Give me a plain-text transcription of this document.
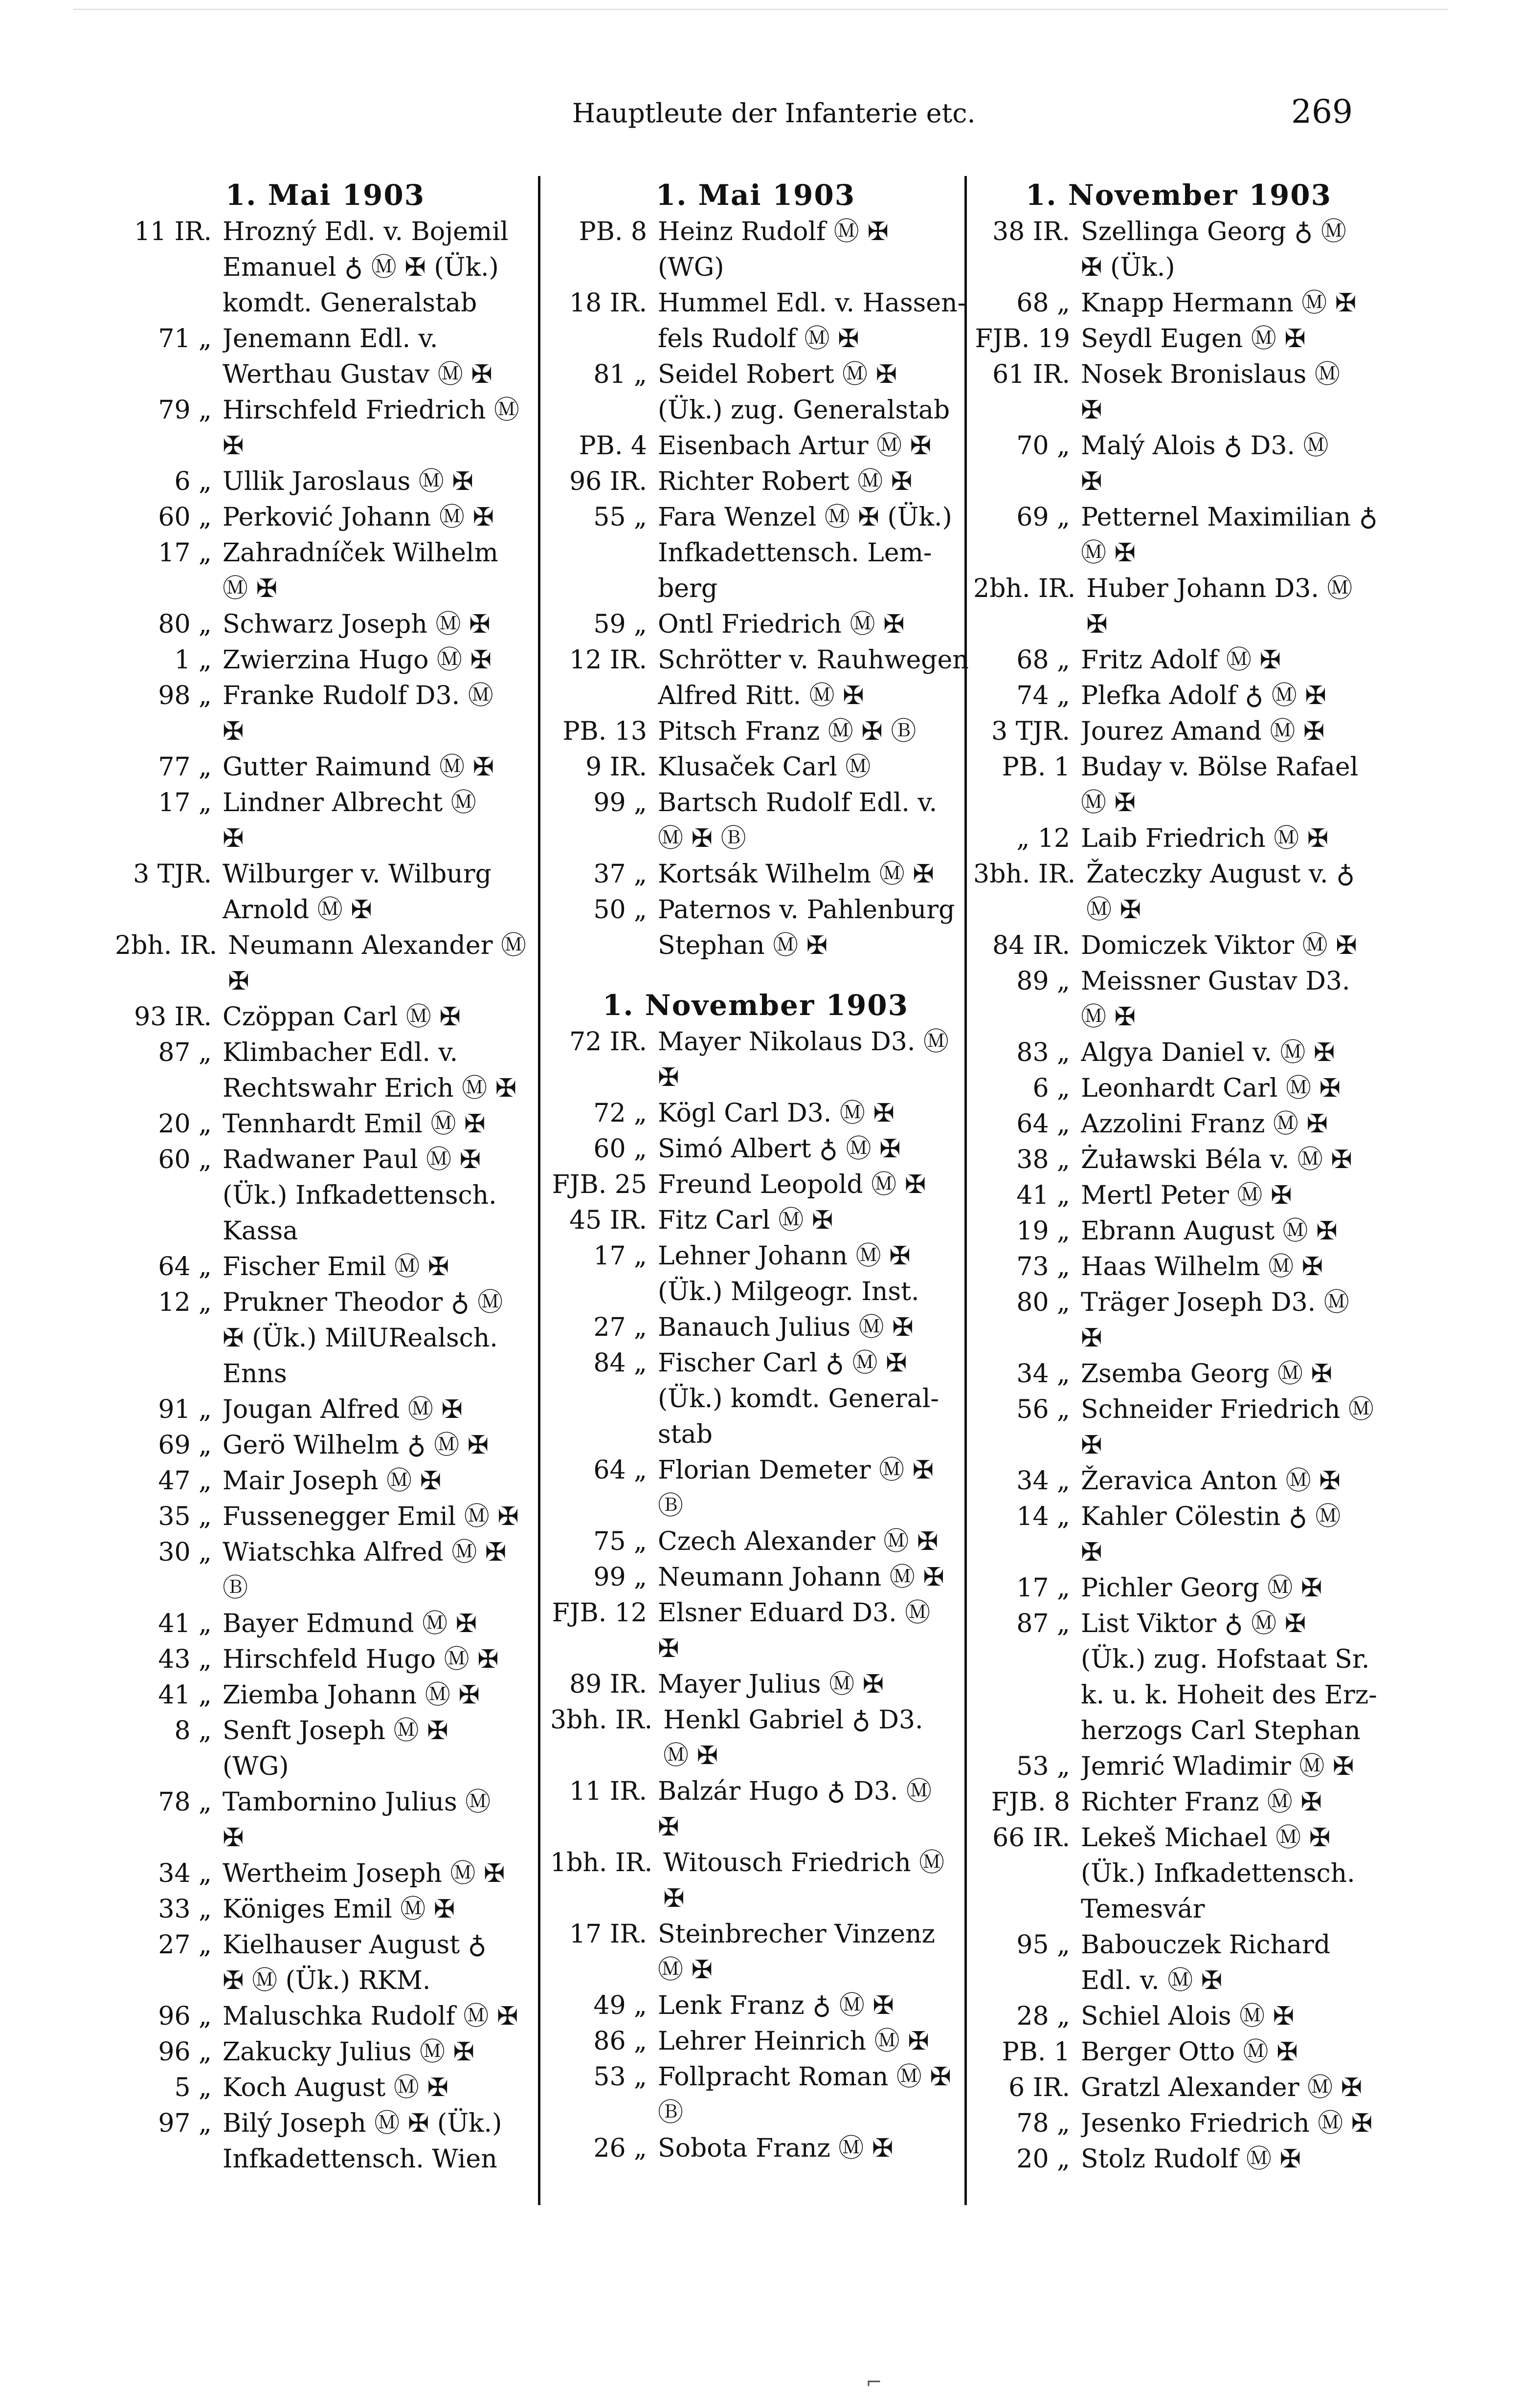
Hauptleute der Infanterie etc.	269
1. Mai 1903
11 IR. Hrozný Edl. v. Bojemil
Emanuel ♁ Ⓜ ✠ (Ük.)
komdt. Generalstab
71 „ Jenemann Edl. v.
Werthau Gustav Ⓜ ✠
79 „ Hirschfeld Friedrich Ⓜ
✠
6 „ Ullik Jaroslaus Ⓜ ✠
60 „ Perković Johann Ⓜ ✠
17 „ Zahradníček Wilhelm
Ⓜ ✠
80 „ Schwarz Joseph Ⓜ ✠
1 „ Zwierzina Hugo Ⓜ ✠
98 „ Franke Rudolf D3. Ⓜ
✠
77 „ Gutter Raimund Ⓜ ✠
17 „ Lindner Albrecht Ⓜ
✠
3 TJR. Wilburger v. Wilburg
Arnold Ⓜ ✠
2bh. IR. Neumann Alexander Ⓜ
✠
93 IR. Czöppan Carl Ⓜ ✠
87 „ Klimbacher Edl. v.
Rechtswahr Erich Ⓜ ✠
20 „ Tennhardt Emil Ⓜ ✠
60 „ Radwaner Paul Ⓜ ✠
(Ük.) Infkadettensch.
Kassa
64 „ Fischer Emil Ⓜ ✠
12 „ Prukner Theodor ♁ Ⓜ
✠ (Ük.) MilURealsch.
Enns
91 „ Jougan Alfred Ⓜ ✠
69 „ Gerö Wilhelm ♁ Ⓜ ✠
47 „ Mair Joseph Ⓜ ✠
35 „ Fussenegger Emil Ⓜ ✠
30 „ Wiatschka Alfred Ⓜ ✠
Ⓑ
41 „ Bayer Edmund Ⓜ ✠
43 „ Hirschfeld Hugo Ⓜ ✠
41 „ Ziemba Johann Ⓜ ✠
8 „ Senft Joseph Ⓜ ✠
(WG)
78 „ Tambornino Julius Ⓜ
✠
34 „ Wertheim Joseph Ⓜ ✠
33 „ Königes Emil Ⓜ ✠
27 „ Kielhauser August ♁
✠ Ⓜ (Ük.) RKM.
96 „ Maluschka Rudolf Ⓜ ✠
96 „ Zakucky Julius Ⓜ ✠
5 „ Koch August Ⓜ ✠
97 „ Bilý Joseph Ⓜ ✠ (Ük.)
Infkadettensch. Wien
1. Mai 1903
PB. 8 Heinz Rudolf Ⓜ ✠
(WG)
18 IR. Hummel Edl. v. Hassen-
fels Rudolf Ⓜ ✠
81 „ Seidel Robert Ⓜ ✠
(Ük.) zug. Generalstab
PB. 4 Eisenbach Artur Ⓜ ✠
96 IR. Richter Robert Ⓜ ✠
55 „ Fara Wenzel Ⓜ ✠ (Ük.)
Infkadettensch. Lem-
berg
59 „ Ontl Friedrich Ⓜ ✠
12 IR. Schrötter v. Rauhwegen
Alfred Ritt. Ⓜ ✠
PB. 13 Pitsch Franz Ⓜ ✠ Ⓑ
9 IR. Klusaček Carl Ⓜ
99 „ Bartsch Rudolf Edl. v.
Ⓜ ✠ Ⓑ
37 „ Kortsák Wilhelm Ⓜ ✠
50 „ Paternos v. Pahlenburg
Stephan Ⓜ ✠
1. November 1903
72 IR. Mayer Nikolaus D3. Ⓜ
✠
72 „ Kögl Carl D3. Ⓜ ✠
60 „ Simó Albert ♁ Ⓜ ✠
FJB. 25 Freund Leopold Ⓜ ✠
45 IR. Fitz Carl Ⓜ ✠
17 „ Lehner Johann Ⓜ ✠
(Ük.) Milgeogr. Inst.
27 „ Banauch Julius Ⓜ ✠
84 „ Fischer Carl ♁ Ⓜ ✠
(Ük.) komdt. General-
stab
64 „ Florian Demeter Ⓜ ✠
Ⓑ
75 „ Czech Alexander Ⓜ ✠
99 „ Neumann Johann Ⓜ ✠
FJB. 12 Elsner Eduard D3. Ⓜ
✠
89 IR. Mayer Julius Ⓜ ✠
3bh. IR. Henkl Gabriel ♁ D3.
Ⓜ ✠
11 IR. Balzár Hugo ♁ D3. Ⓜ
✠
1bh. IR. Witousch Friedrich Ⓜ
✠
17 IR. Steinbrecher Vinzenz
Ⓜ ✠
49 „ Lenk Franz ♁ Ⓜ ✠
86 „ Lehrer Heinrich Ⓜ ✠
53 „ Follpracht Roman Ⓜ ✠
Ⓑ
26 „ Sobota Franz Ⓜ ✠
1. November 1903
38 IR. Szellinga Georg ♁ Ⓜ
✠ (Ük.)
68 „ Knapp Hermann Ⓜ ✠
FJB. 19 Seydl Eugen Ⓜ ✠
61 IR. Nosek Bronislaus Ⓜ
✠
70 „ Malý Alois ♁ D3. Ⓜ
✠
69 „ Petternel Maximilian ♁
Ⓜ ✠
2bh. IR. Huber Johann D3. Ⓜ
✠
68 „ Fritz Adolf Ⓜ ✠
74 „ Plefka Adolf ♁ Ⓜ ✠
3 TJR. Jourez Amand Ⓜ ✠
PB. 1 Buday v. Bölse Rafael
Ⓜ ✠
„ 12 Laib Friedrich Ⓜ ✠
3bh. IR. Žateczky August v. ♁
Ⓜ ✠
84 IR. Domiczek Viktor Ⓜ ✠
89 „ Meissner Gustav D3.
Ⓜ ✠
83 „ Algya Daniel v. Ⓜ ✠
6 „ Leonhardt Carl Ⓜ ✠
64 „ Azzolini Franz Ⓜ ✠
38 „ Żuławski Béla v. Ⓜ ✠
41 „ Mertl Peter Ⓜ ✠
19 „ Ebrann August Ⓜ ✠
73 „ Haas Wilhelm Ⓜ ✠
80 „ Träger Joseph D3. Ⓜ
✠
34 „ Zsemba Georg Ⓜ ✠
56 „ Schneider Friedrich Ⓜ
✠
34 „ Žeravica Anton Ⓜ ✠
14 „ Kahler Cölestin ♁ Ⓜ
✠
17 „ Pichler Georg Ⓜ ✠
87 „ List Viktor ♁ Ⓜ ✠
(Ük.) zug. Hofstaat Sr.
k. u. k. Hoheit des Erz-
herzogs Carl Stephan
53 „ Jemrić Wladimir Ⓜ ✠
FJB. 8 Richter Franz Ⓜ ✠
66 IR. Lekeš Michael Ⓜ ✠
(Ük.) Infkadettensch.
Temesvár
95 „ Babouczek Richard
Edl. v. Ⓜ ✠
28 „ Schiel Alois Ⓜ ✠
PB. 1 Berger Otto Ⓜ ✠
6 IR. Gratzl Alexander Ⓜ ✠
78 „ Jesenko Friedrich Ⓜ ✠
20 „ Stolz Rudolf Ⓜ ✠
⌐
